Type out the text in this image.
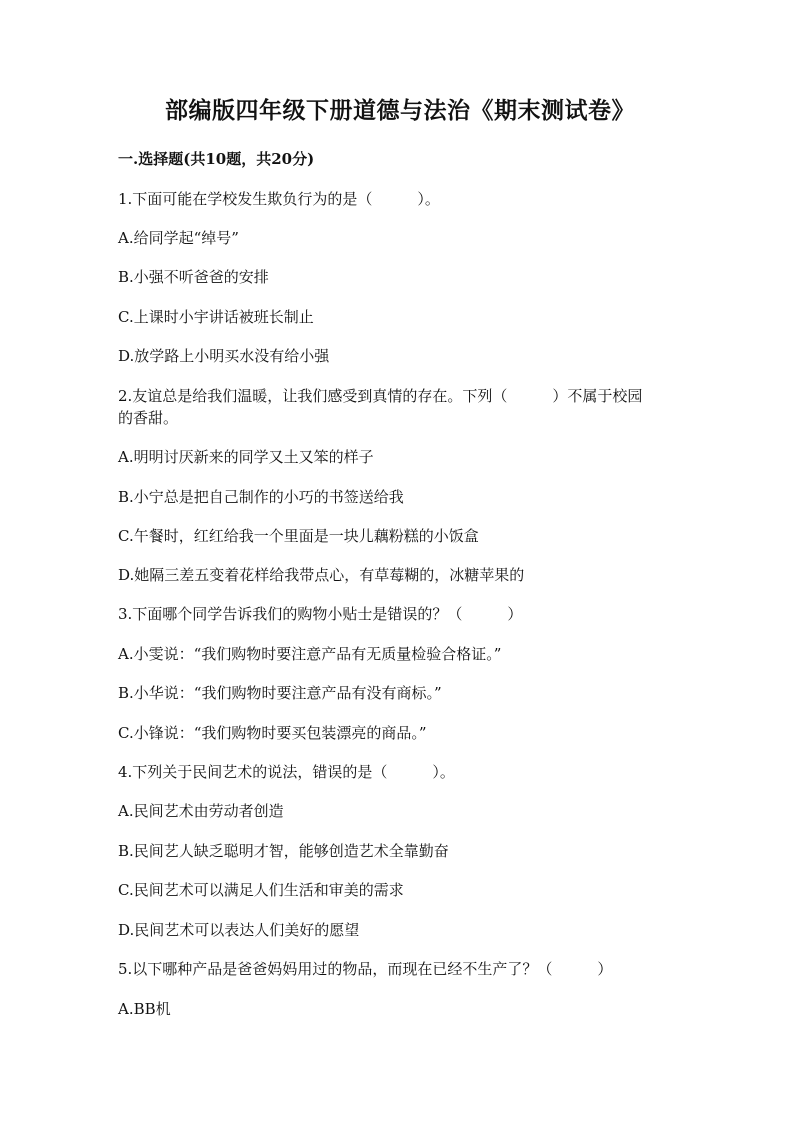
部编版四年级下册道德与法治《期末测试卷》
一.选择题(共10题，共20分)
1.下面可能在学校发生欺负行为的是（　　　）。
A.给同学起“绰号”
B.小强不听爸爸的安排
C.上课时小宇讲话被班长制止
D.放学路上小明买水没有给小强
2.友谊总是给我们温暖，让我们感受到真情的存在。下列（　　　）不属于校园
的香甜。
A.明明讨厌新来的同学又土又笨的样子
B.小宁总是把自己制作的小巧的书签送给我
C.午餐时，红红给我一个里面是一块儿藕粉糕的小饭盒
D.她隔三差五变着花样给我带点心，有草莓糊的，冰糖苹果的
3.下面哪个同学告诉我们的购物小贴士是错误的？（　　　）
A.小雯说：“我们购物时要注意产品有无质量检验合格证。”
B.小华说：“我们购物时要注意产品有没有商标。”
C.小锋说：“我们购物时要买包装漂亮的商品。”
4.下列关于民间艺术的说法，错误的是（　　　）。
A.民间艺术由劳动者创造
B.民间艺人缺乏聪明才智，能够创造艺术全靠勤奋
C.民间艺术可以满足人们生活和审美的需求
D.民间艺术可以表达人们美好的愿望
5.以下哪种产品是爸爸妈妈用过的物品，而现在已经不生产了？（　　　）
A.BB机
